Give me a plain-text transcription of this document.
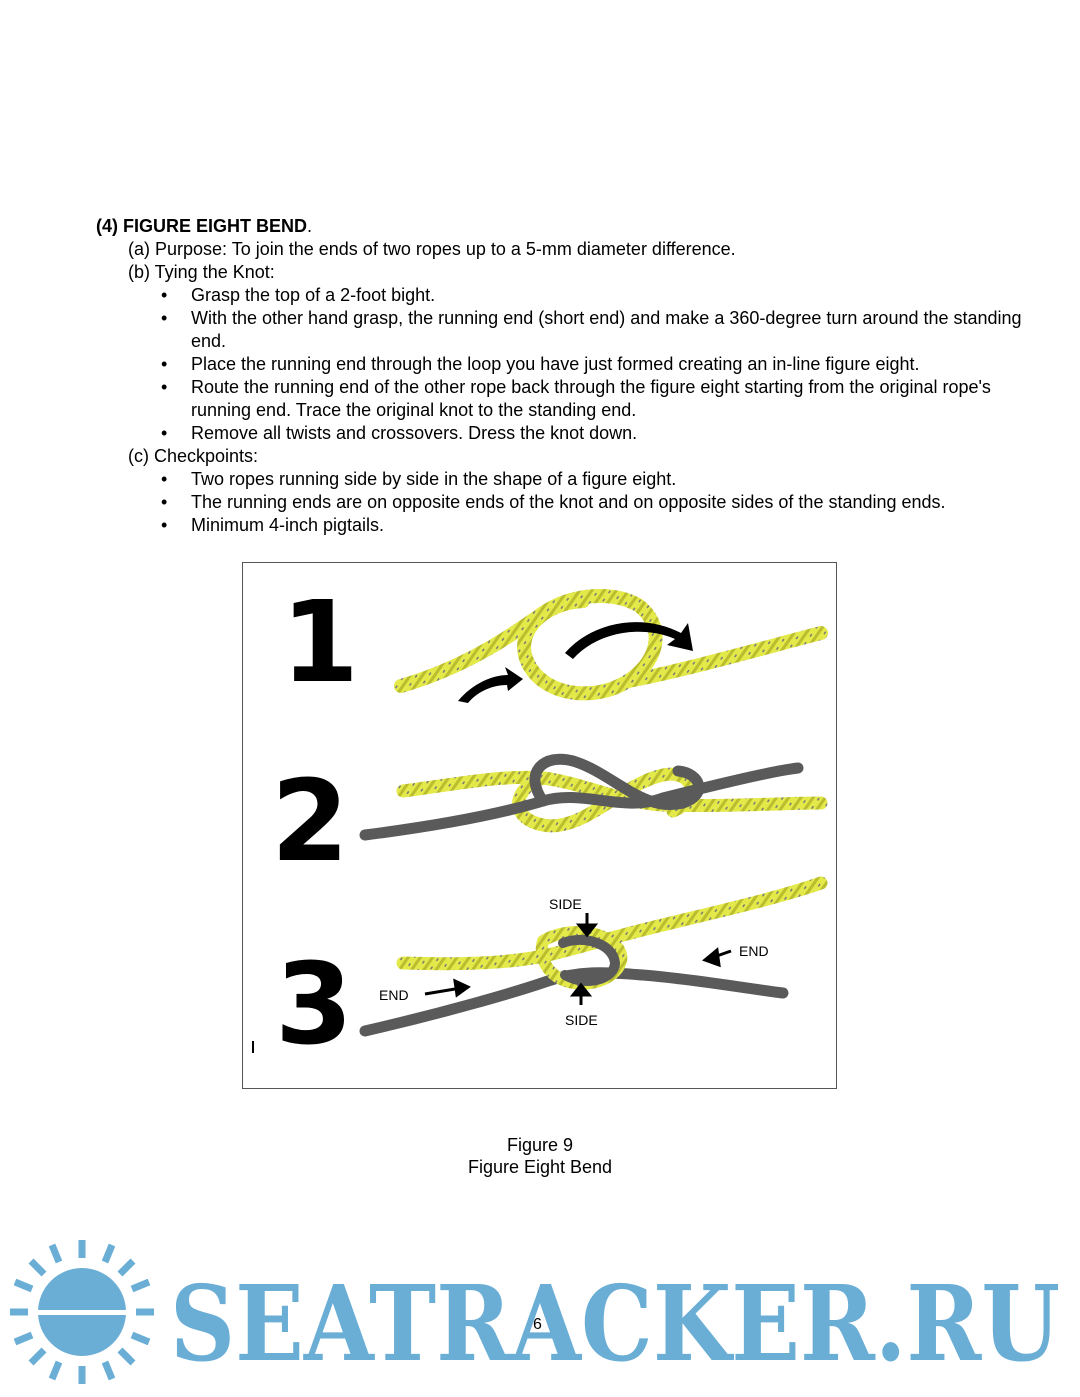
(4) FIGURE EIGHT BEND.
(a) Purpose: To join the ends of two ropes up to a 5-mm diameter difference.
(b) Tying the Knot:
• Grasp the top of a 2-foot bight.
• With the other hand grasp, the running end (short end) and make a 360-degree turn around the standing end.
• Place the running end through the loop you have just formed creating an in-line figure eight.
• Route the running end of the other rope back through the figure eight starting from the original rope's running end. Trace the original knot to the standing end.
• Remove all twists and crossovers. Dress the knot down.
(c) Checkpoints:
• Two ropes running side by side in the shape of a figure eight.
• The running ends are on opposite ends of the knot and on opposite sides of the standing ends.
• Minimum 4-inch pigtails.
1
2
3
SIDE
SIDE
END
END
Figure 9
Figure Eight Bend
SEATRACKER.RU
6
